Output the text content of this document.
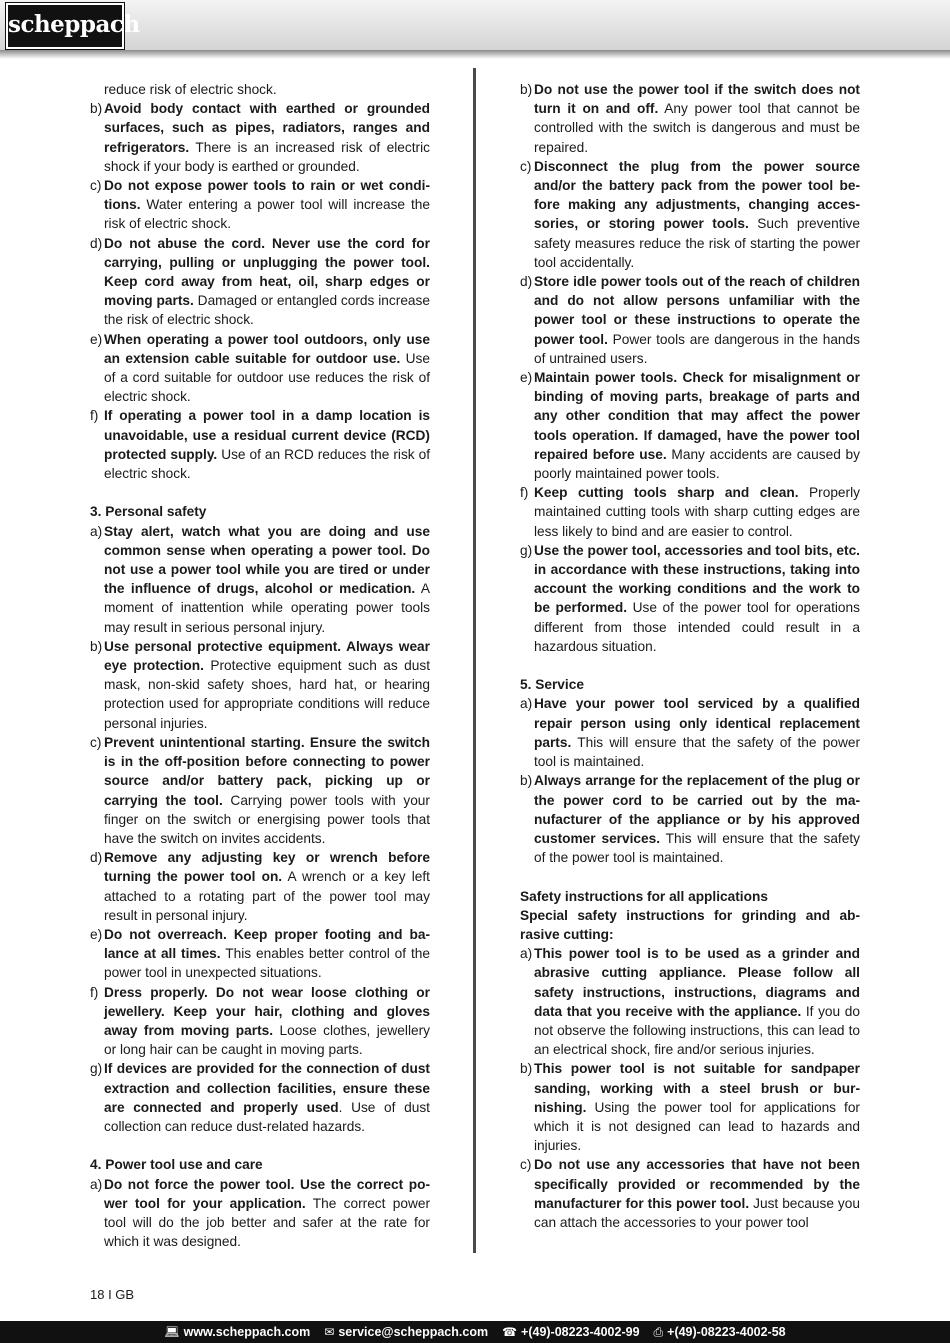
scheppach
reduce risk of electric shock.
b) Avoid body contact with earthed or grounded surfaces, such as pipes, radiators, ranges and refrigerators. There is an increased risk of electric shock if your body is earthed or grounded.
c) Do not expose power tools to rain or wet conditions. Water entering a power tool will increase the risk of electric shock.
d) Do not abuse the cord. Never use the cord for carrying, pulling or unplugging the power tool. Keep cord away from heat, oil, sharp edges or moving parts. Damaged or entangled cords increase the risk of electric shock.
e) When operating a power tool outdoors, only use an extension cable suitable for outdoor use. Use of a cord suitable for outdoor use reduces the risk of electric shock.
f) If operating a power tool in a damp location is unavoidable, use a residual current device (RCD) protected supply. Use of an RCD reduces the risk of electric shock.
3. Personal safety
a) Stay alert, watch what you are doing and use common sense when operating a power tool. Do not use a power tool while you are tired or under the influence of drugs, alcohol or medication. A moment of inattention while operating power tools may result in serious personal injury.
b) Use personal protective equipment. Always wear eye protection. Protective equipment such as dust mask, non-skid safety shoes, hard hat, or hearing protection used for appropriate conditions will reduce personal injuries.
c) Prevent unintentional starting. Ensure the switch is in the off-position before connecting to power source and/or battery pack, picking up or carrying the tool. Carrying power tools with your finger on the switch or energising power tools that have the switch on invites accidents.
d) Remove any adjusting key or wrench before turning the power tool on. A wrench or a key left attached to a rotating part of the power tool may result in personal injury.
e) Do not overreach. Keep proper footing and balance at all times. This enables better control of the power tool in unexpected situations.
f) Dress properly. Do not wear loose clothing or jewellery. Keep your hair, clothing and gloves away from moving parts. Loose clothes, jewellery or long hair can be caught in moving parts.
g) If devices are provided for the connection of dust extraction and collection facilities, ensure these are connected and properly used. Use of dust collection can reduce dust-related hazards.
4. Power tool use and care
a) Do not force the power tool. Use the correct power tool for your application. The correct power tool will do the job better and safer at the rate for which it was designed.
b) Do not use the power tool if the switch does not turn it on and off. Any power tool that cannot be controlled with the switch is dangerous and must be repaired.
c) Disconnect the plug from the power source and/or the battery pack from the power tool before making any adjustments, changing accessories, or storing power tools. Such preventive safety measures reduce the risk of starting the power tool accidentally.
d) Store idle power tools out of the reach of children and do not allow persons unfamiliar with the power tool or these instructions to operate the power tool. Power tools are dangerous in the hands of untrained users.
e) Maintain power tools. Check for misalignment or binding of moving parts, breakage of parts and any other condition that may affect the power tools operation. If damaged, have the power tool repaired before use. Many accidents are caused by poorly maintained power tools.
f) Keep cutting tools sharp and clean. Properly maintained cutting tools with sharp cutting edges are less likely to bind and are easier to control.
g) Use the power tool, accessories and tool bits, etc. in accordance with these instructions, taking into account the working conditions and the work to be performed. Use of the power tool for operations different from those intended could result in a hazardous situation.
5. Service
a) Have your power tool serviced by a qualified repair person using only identical replacement parts. This will ensure that the safety of the power tool is maintained.
b) Always arrange for the replacement of the plug or the power cord to be carried out by the manufacturer of the appliance or by his approved customer services. This will ensure that the safety of the power tool is maintained.
Safety instructions for all applications
Special safety instructions for grinding and abrasive cutting:
a) This power tool is to be used as a grinder and abrasive cutting appliance. Please follow all safety instructions, instructions, diagrams and data that you receive with the appliance. If you do not observe the following instructions, this can lead to an electrical shock, fire and/or serious injuries.
b) This power tool is not suitable for sandpaper sanding, working with a steel brush or burnishing. Using the power tool for applications for which it is not designed can lead to hazards and injuries.
c) Do not use any accessories that have not been specifically provided or recommended by the manufacturer for this power tool. Just because you can attach the accessories to your power tool
18 I GB
💻︎ www.scheppach.com ✉︎ service@scheppach.com ☎︎ +(49)-08223-4002-99 ⎙ +(49)-08223-4002-58
